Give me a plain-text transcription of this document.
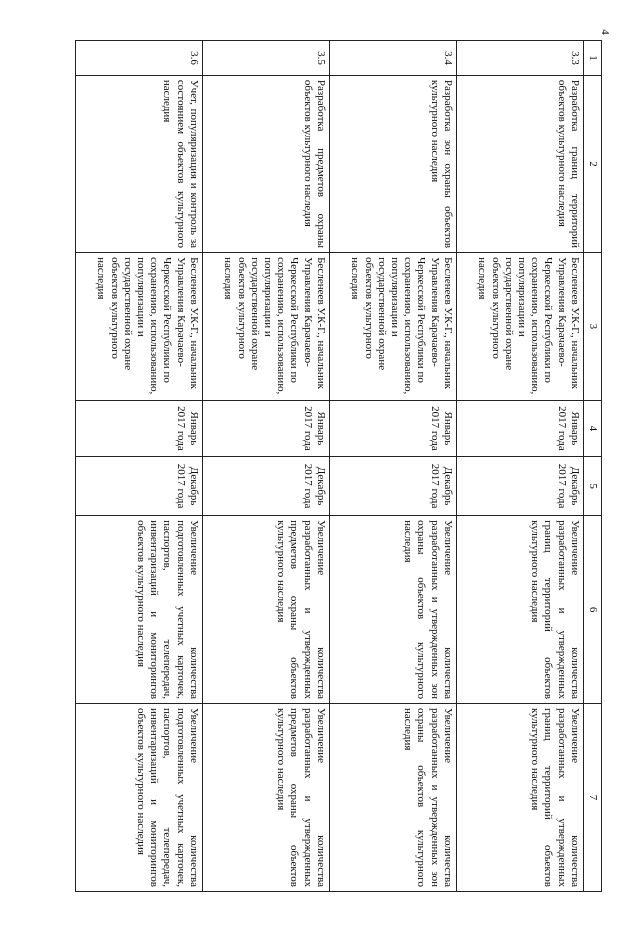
4
1	2	3	4	5	6	7
3.3	Разработка границ территорий объектов культурного наследия	Бесленеев У.К-Г., начальник Управления Карачаево-Черкесской Республики по сохранению, использованию, популяризации и государственной охране объектов культурного наследия	Январь 2017 года	Декабрь 2017 года	Увеличение количества разработанных и утвержденных границ территорий объектов культурного наследия	Увеличение количества разработанных и утвержденных границ территорий объектов культурного наследия
3.4	Разработка зон охраны объектов культурного наследия	Бесленеев У.К-Г., начальник Управления Карачаево-Черкесской Республики по сохранению, использованию, популяризации и государственной охране объектов культурного наследия	Январь 2017 года	Декабрь 2017 года	Увеличение количества разработанных и утвержденных зон охраны объектов культурного наследия	Увеличение количества разработанных и утвержденных зон охраны объектов культурного наследия
3.5	Разработка предметов охраны объектов культурного наследия	Бесленеев У.К-Г., начальник Управления Карачаево-Черкесской Республики по сохранению, использованию, популяризации и государственной охране объектов культурного наследия	Январь 2017 года	Декабрь 2017 года	Увеличение количества разработанных и утвержденных предметов охраны объектов культурного наследия	Увеличение количества разработанных и утвержденных предметов охраны объектов культурного наследия
3.6	Учет, популяризация и контроль за состоянием объектов культурного наследия	Бесленеев У.К-Г., начальник Управления Карачаево-Черкесской Республики по сохранению, использованию, популяризации и государственной охране объектов культурного наследия	Январь 2017 года	Декабрь 2017 года	Увеличение количества подготовленных учетных карточек, паспортов, телепередач, инвентаризаций и мониторингов объектов культурного наследия	Увеличение количества подготовленных учетных карточек, паспортов, телепередач, инвентаризаций и мониторингов объектов культурного наследия
